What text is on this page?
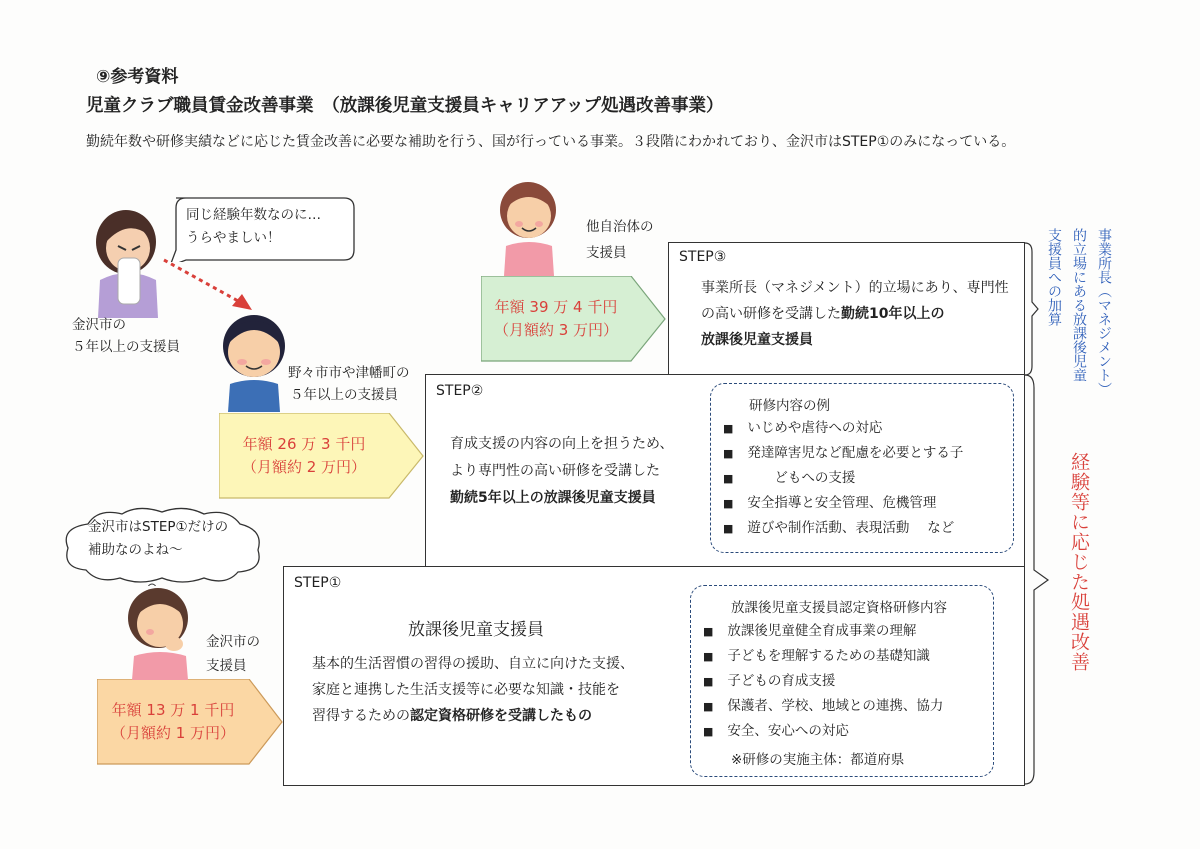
⑨参考資料
児童クラブ職員賃金改善事業　（放課後児童支援員キャリアアップ処遇改善事業）
勤続年数や研修実績などに応じた賃金改善に必要な補助を行う、国が行っている事業。３段階にわかれており、金沢市はSTEP①のみになっている。
STEP③
事業所長（マネジメント）的立場にあり、専門性
の高い研修を受講した勤続10年以上の
放課後児童支援員
STEP②
育成支援の内容の向上を担うため、
より専門性の高い研修を受講した
勤続5年以上の放課後児童支援員
研修内容の例
■ いじめや虐待への対応
■ 発達障害児など配慮を必要とする子
■ どもへの支援
■ 安全指導と安全管理、危機管理
■ 遊びや制作活動、表現活動　 など
STEP①
放課後児童支援員
基本的生活習慣の習得の援助、自立に向けた支援、
家庭と連携した生活支援等に必要な知識・技能を
習得するための認定資格研修を受講したもの
放課後児童支援員認定資格研修内容
■ 放課後児童健全育成事業の理解
■ 子どもを理解するための基礎知識
■ 子どもの育成支援
■ 保護者、学校、地域との連携、協力
■ 安全、安心への対応
※研修の実施主体：都道府県
年額 39 万 4 千円
（月額約 3 万円）
年額 26 万 3 千円
（月額約 2 万円）
年額 13 万 1 千円
（月額約 1 万円）
事業所長（マネジメント）
的立場にある放課後児童
支援員への加算
経験等に応じた処遇改善
金沢市の
５年以上の支援員
同じ経験年数なのに…
うらやましい！
野々市市や津幡町の
５年以上の支援員
他自治体の
支援員
金沢市はSTEP①だけの
補助なのよね～
金沢市の
支援員
